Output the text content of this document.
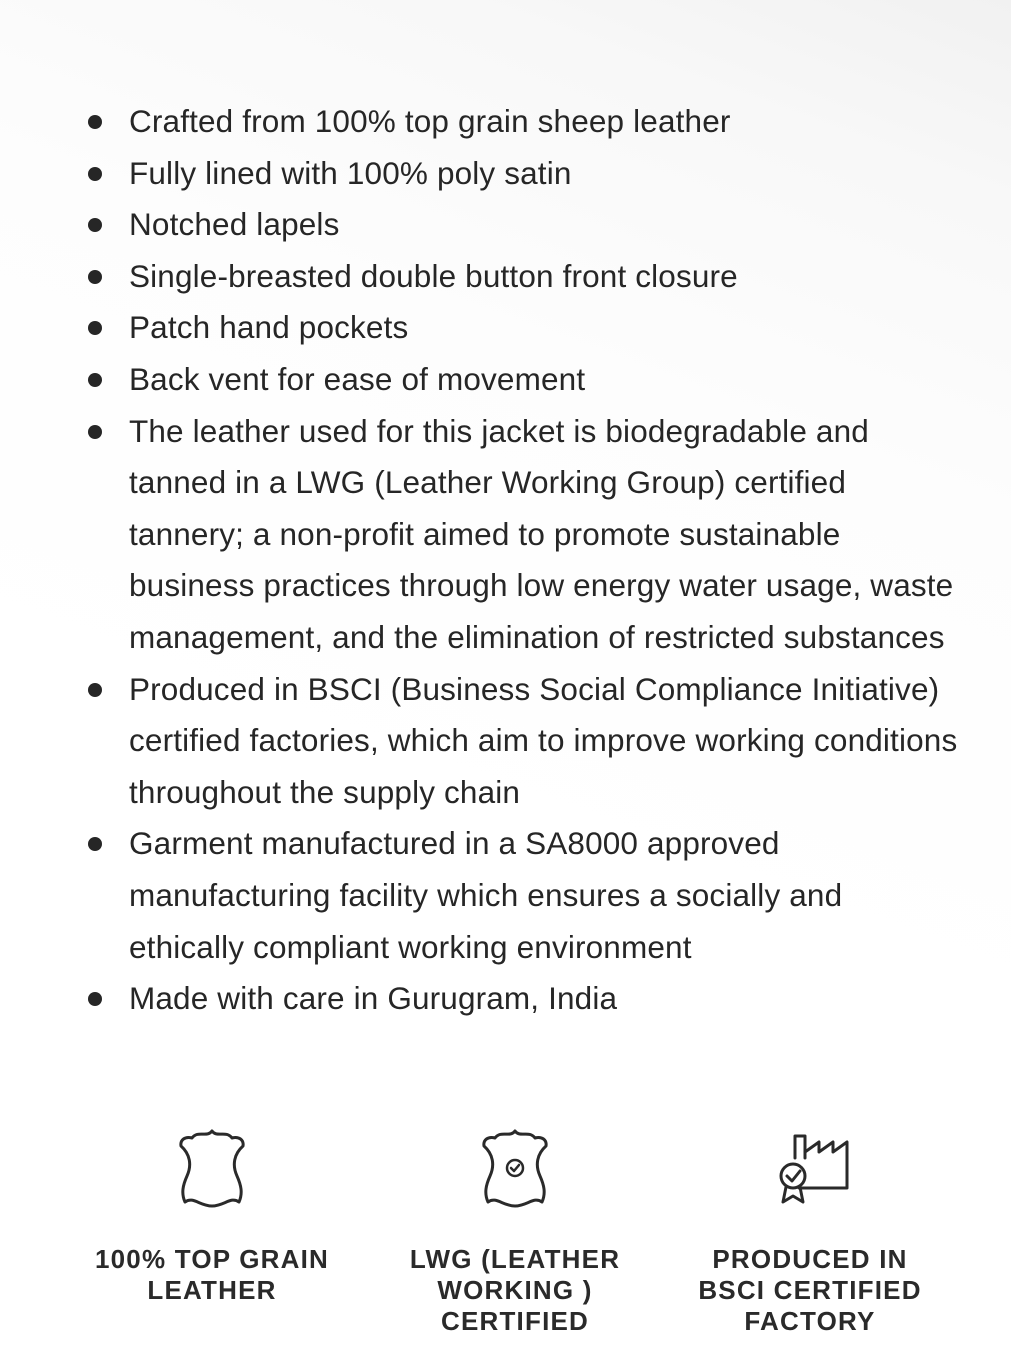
Crafted from 100% top grain sheep leather
Fully lined with 100% poly satin
Notched lapels
Single-breasted double button front closure
Patch hand pockets
Back vent for ease of movement
The leather used for this jacket is biodegradable and tanned in a LWG (Leather Working Group) certified tannery; a non-profit aimed to promote sustainable business practices through low energy water usage, waste management, and the elimination of restricted substances
Produced in BSCI (Business Social Compliance Initiative) certified factories, which aim to improve working conditions throughout the supply chain
Garment manufactured in a SA8000 approved manufacturing facility which ensures a socially and ethically compliant working environment
Made with care in Gurugram, India
100% TOP GRAIN
LEATHER
LWG (LEATHER
WORKING )
CERTIFIED
PRODUCED IN
BSCI CERTIFIED
FACTORY
